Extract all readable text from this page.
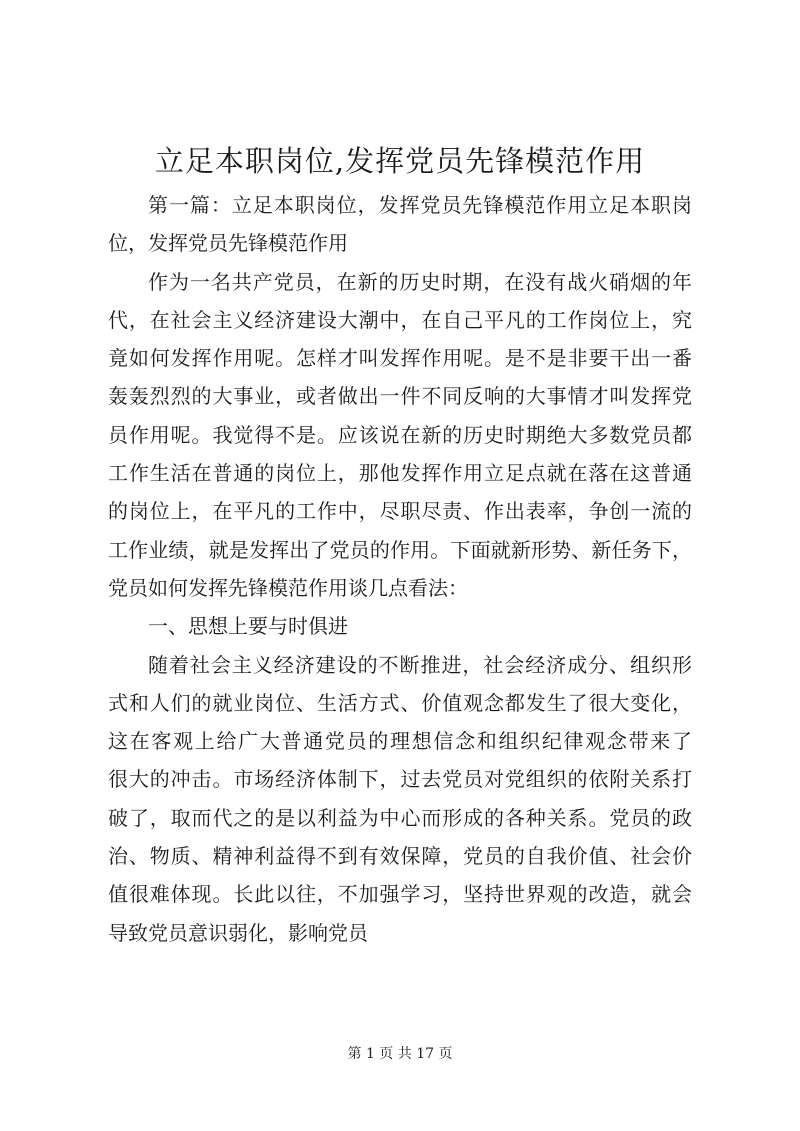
立足本职岗位,发挥党员先锋模范作用
第一篇：立足本职岗位，发挥党员先锋模范作用立足本职岗
位，发挥党员先锋模范作用
作为一名共产党员，在新的历史时期，在没有战火硝烟的年
代，在社会主义经济建设大潮中，在自己平凡的工作岗位上，究
竟如何发挥作用呢。怎样才叫发挥作用呢。是不是非要干出一番
轰轰烈烈的大事业，或者做出一件不同反响的大事情才叫发挥党
员作用呢。我觉得不是。应该说在新的历史时期绝大多数党员都
工作生活在普通的岗位上，那他发挥作用立足点就在落在这普通
的岗位上，在平凡的工作中，尽职尽责、作出表率，争创一流的
工作业绩，就是发挥出了党员的作用。下面就新形势、新任务下，
党员如何发挥先锋模范作用谈几点看法：
一、思想上要与时俱进
随着社会主义经济建设的不断推进，社会经济成分、组织形
式和人们的就业岗位、生活方式、价值观念都发生了很大变化，
这在客观上给广大普通党员的理想信念和组织纪律观念带来了
很大的冲击。市场经济体制下，过去党员对党组织的依附关系打
破了，取而代之的是以利益为中心而形成的各种关系。党员的政
治、物质、精神利益得不到有效保障，党员的自我价值、社会价
值很难体现。长此以往，不加强学习，坚持世界观的改造，就会
导致党员意识弱化，影响党员
第 1 页 共 17 页
